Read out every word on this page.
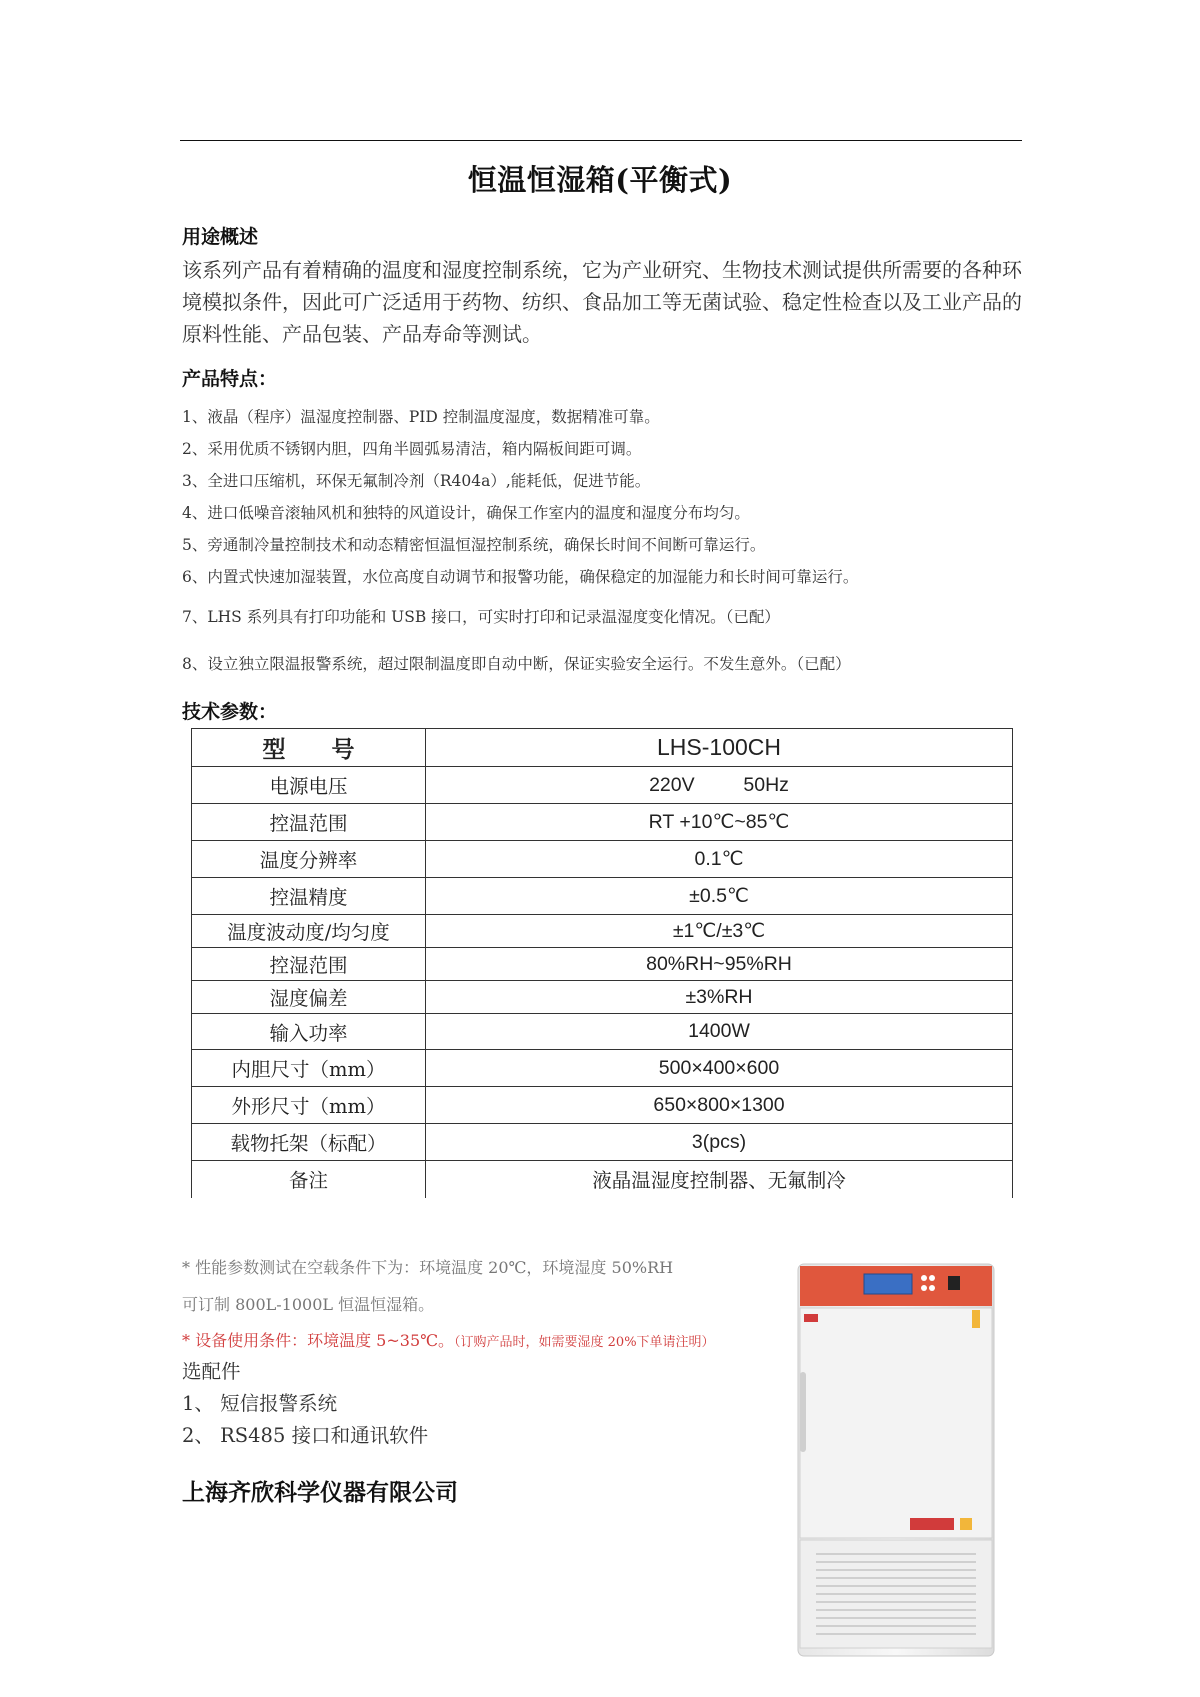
恒温恒湿箱(平衡式)
用途概述
该系列产品有着精确的温度和湿度控制系统，它为产业研究、生物技术测试提供所需要的各种环境模拟条件，因此可广泛适用于药物、纺织、食品加工等无菌试验、稳定性检查以及工业产品的原料性能、产品包装、产品寿命等测试。
产品特点：
1、液晶（程序）温湿度控制器、PID 控制温度湿度，数据精准可靠。
2、采用优质不锈钢内胆，四角半圆弧易清洁，箱内隔板间距可调。
3、全进口压缩机，环保无氟制冷剂（R404a）,能耗低，促进节能。
4、进口低噪音滚轴风机和独特的风道设计，确保工作室内的温度和湿度分布均匀。
5、旁通制冷量控制技术和动态精密恒温恒湿控制系统，确保长时间不间断可靠运行。
6、内置式快速加湿装置，水位高度自动调节和报警功能，确保稳定的加湿能力和长时间可靠运行。
7、LHS 系列具有打印功能和 USB 接口，可实时打印和记录温湿度变化情况。（已配）
8、设立独立限温报警系统，超过限制温度即自动中断，保证实验安全运行。不发生意外。（已配）
技术参数：
型　　号	LHS-100CH
电源电压	220V         50Hz
控温范围	RT +10℃~85℃
温度分辨率	0.1℃
控温精度	±0.5℃
温度波动度/均匀度	±1℃/±3℃
控湿范围	80%RH~95%RH
湿度偏差	±3%RH
输入功率	1400W
内胆尺寸（mm）	500×400×600
外形尺寸（mm）	650×800×1300
载物托架（标配）	3(pcs)
备注	液晶温湿度控制器、无氟制冷
* 性能参数测试在空载条件下为：环境温度 20℃，环境湿度 50%RH
可订制 800L-1000L 恒温恒湿箱。
* 设备使用条件：环境温度 5~35℃。（订购产品时，如需要湿度 20%下单请注明）
选配件
1、 短信报警系统
2、 RS485 接口和通讯软件
上海齐欣科学仪器有限公司
